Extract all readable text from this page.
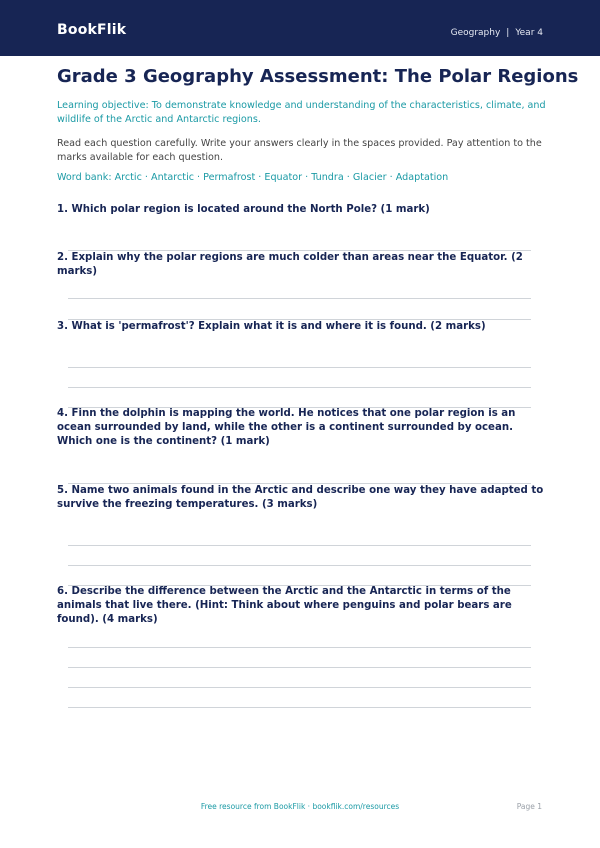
BookFlik	Geography | Year 4
Grade 3 Geography Assessment: The Polar Regions
Learning objective: To demonstrate knowledge and understanding of the characteristics, climate, and wildlife of the Arctic and Antarctic regions.
Read each question carefully. Write your answers clearly in the spaces provided. Pay attention to the marks available for each question.
Word bank: Arctic · Antarctic · Permafrost · Equator · Tundra · Glacier · Adaptation
1. Which polar region is located around the North Pole? (1 mark)
2. Explain why the polar regions are much colder than areas near the Equator. (2 marks)
3. What is 'permafrost'? Explain what it is and where it is found. (2 marks)
4. Finn the dolphin is mapping the world. He notices that one polar region is an ocean surrounded by land, while the other is a continent surrounded by ocean. Which one is the continent? (1 mark)
5. Name two animals found in the Arctic and describe one way they have adapted to survive the freezing temperatures. (3 marks)
6. Describe the difference between the Arctic and the Antarctic in terms of the animals that live there. (Hint: Think about where penguins and polar bears are found). (4 marks)
Free resource from BookFlik · bookflik.com/resources	Page 1
